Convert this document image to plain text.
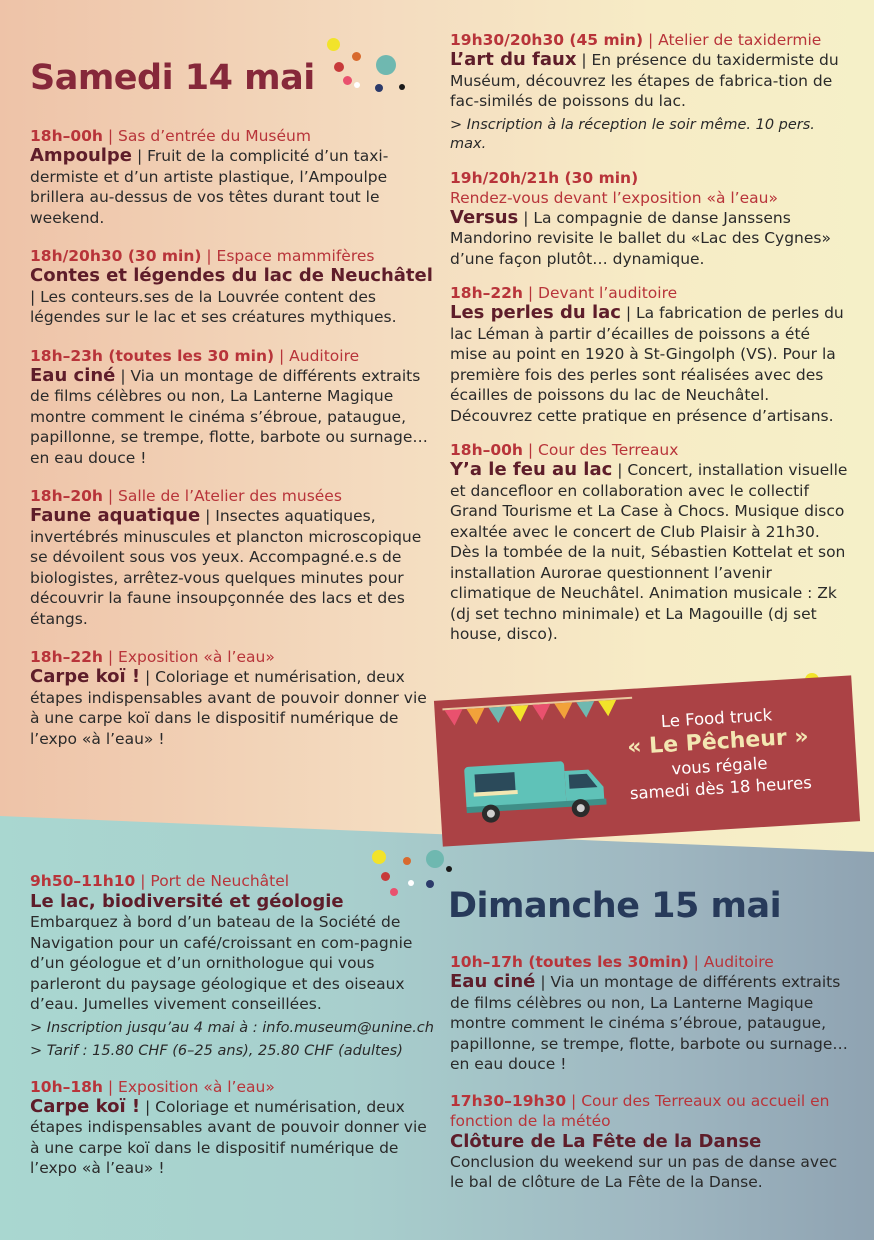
Samedi 14 mai
18h–00h | Sas d’entrée du Muséum
Ampoulpe | Fruit de la complicité d’un taxi-dermiste et d’un artiste plastique, l’Ampoulpe brillera au-dessus de vos têtes durant tout le weekend.
18h/20h30 (30 min) | Espace mammifères
Contes et légendes du lac de Neuchâtel | Les conteurs.ses de la Louvrée content des légendes sur le lac et ses créatures mythiques.
18h–23h (toutes les 30 min) | Auditoire
Eau ciné | Via un montage de différents extraits de films célèbres ou non, La Lanterne Magique montre comment le cinéma s’ébroue, pataugue, papillonne, se trempe, flotte, barbote ou surnage… en eau douce !
18h–20h | Salle de l’Atelier des musées
Faune aquatique | Insectes aquatiques, invertébrés minuscules et plancton microscopique se dévoilent sous vos yeux. Accompagné.e.s de biologistes, arrêtez-vous quelques minutes pour découvrir la faune insoupçonnée des lacs et des étangs.
18h–22h | Exposition «à l’eau»
Carpe koï ! | Coloriage et numérisation, deux étapes indispensables avant de pouvoir donner vie à une carpe koï dans le dispositif numérique de l’expo «à l’eau» !
19h30/20h30 (45 min) | Atelier de taxidermie
L’art du faux | En présence du taxidermiste du Muséum, découvrez les étapes de fabrica-tion de fac-similés de poissons du lac.
> Inscription à la réception le soir même. 10 pers. max.
19h/20h/21h (30 min)
Rendez-vous devant l’exposition «à l’eau»
Versus | La compagnie de danse Janssens Mandorino revisite le ballet du «Lac des Cygnes» d’une façon plutôt… dynamique.
18h–22h | Devant l’auditoire
Les perles du lac | La fabrication de perles du lac Léman à partir d’écailles de poissons a été mise au point en 1920 à St-Gingolph (VS). Pour la première fois des perles sont réalisées avec des écailles de poissons du lac de Neuchâtel. Découvrez cette pratique en présence d’artisans.
18h–00h | Cour des Terreaux
Y’a le feu au lac | Concert, installation visuelle et dancefloor en collaboration avec le collectif Grand Tourisme et La Case à Chocs. Musique disco exaltée avec le concert de Club Plaisir à 21h30. Dès la tombée de la nuit, Sébastien Kottelat et son installation Aurorae questionnent l’avenir climatique de Neuchâtel. Animation musicale : Zk (dj set techno minimale) et La Magouille (dj set house, disco).
Le Food truck
« Le Pêcheur »
vous régale
samedi dès 18 heures
9h50–11h10 | Port de Neuchâtel
Le lac, biodiversité et géologie
Embarquez à bord d’un bateau de la Société de Navigation pour un café/croissant en com-pagnie d’un géologue et d’un ornithologue qui vous parleront du paysage géologique et des oiseaux d’eau. Jumelles vivement conseillées.
> Inscription jusqu’au 4 mai à : info.museum@unine.ch
> Tarif : 15.80 CHF (6–25 ans), 25.80 CHF (adultes)
10h–18h | Exposition «à l’eau»
Carpe koï ! | Coloriage et numérisation, deux étapes indispensables avant de pouvoir donner vie à une carpe koï dans le dispositif numérique de l’expo «à l’eau» !
Dimanche 15 mai
10h–17h (toutes les 30min) | Auditoire
Eau ciné | Via un montage de différents extraits de films célèbres ou non, La Lanterne Magique montre comment le cinéma s’ébroue, pataugue, papillonne, se trempe, flotte, barbote ou surnage… en eau douce !
17h30–19h30 | Cour des Terreaux ou accueil en fonction de la météo
Clôture de La Fête de la Danse
Conclusion du weekend sur un pas de danse avec le bal de clôture de La Fête de la Danse.
